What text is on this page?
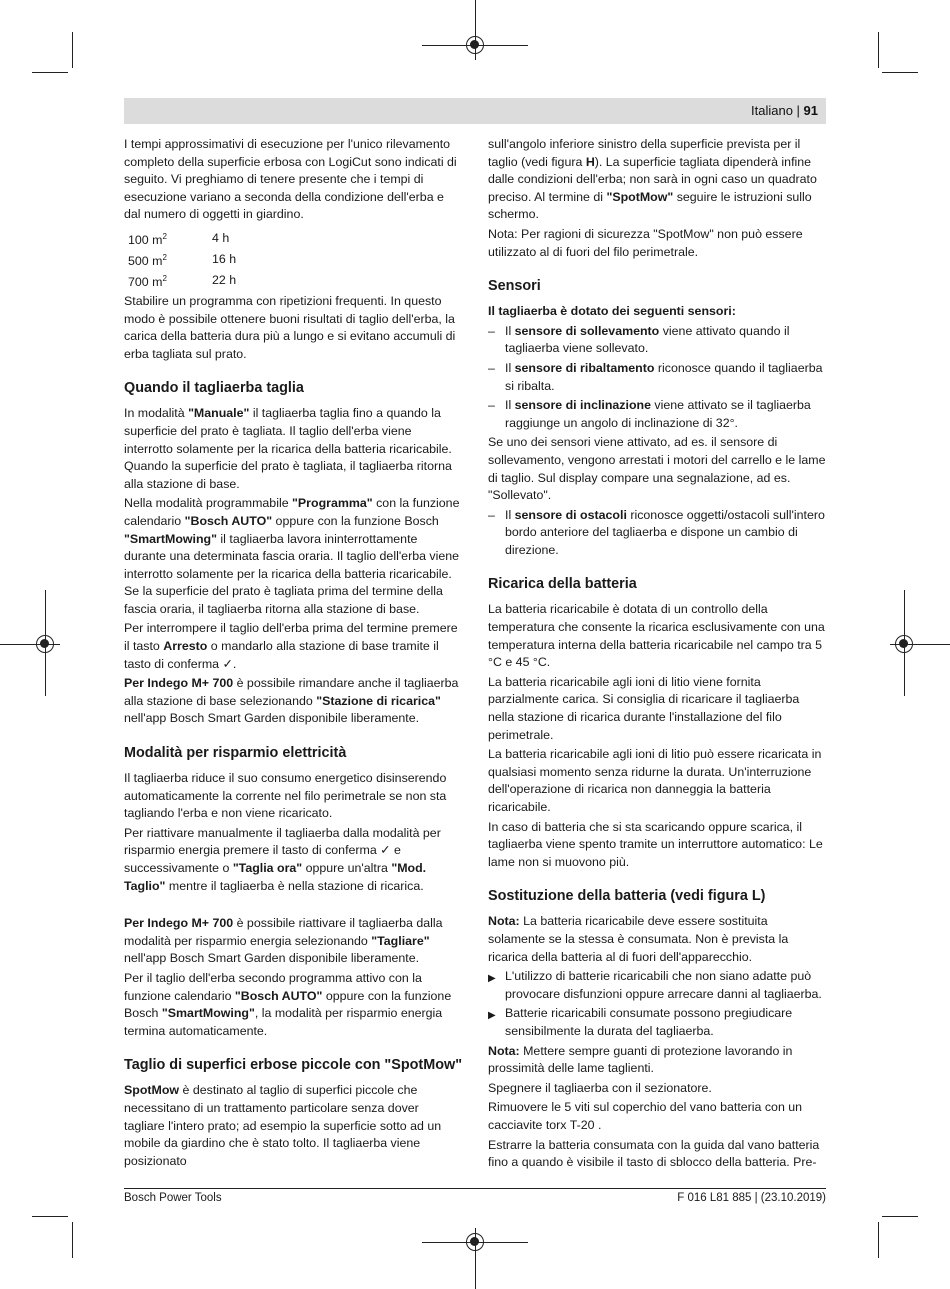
Italiano | 91

I tempi approssimativi di esecuzione per l'unico rilevamento completo della superficie erbosa con LogiCut sono indicati di seguito. Vi preghiamo di tenere presente che i tempi di esecuzione variano a seconda della condizione dell'erba e dal numero di oggetti in giardino.

100 $m^2$	4 h
500 $m^2$	16 h
700 $m^2$	22 h

Stabilire un programma con ripetizioni frequenti. In questo modo è possibile ottenere buoni risultati di taglio dell'erba, la carica della batteria dura più a lungo e si evitano accumuli di erba tagliata sul prato.

Quando il tagliaerba taglia

In modalità "Manuale" il tagliaerba taglia fino a quando la superficie del prato è tagliata. Il taglio dell'erba viene interrotto solamente per la ricarica della batteria ricaricabile. Quando la superficie del prato è tagliata, il tagliaerba ritorna alla stazione di base.

Nella modalità programmabile "Programma" con la funzione calendario "Bosch AUTO" oppure con la funzione Bosch "SmartMowing" il tagliaerba lavora ininterrottamente durante una determinata fascia oraria. Il taglio dell'erba viene interrotto solamente per la ricarica della batteria ricaricabile. Se la superficie del prato è tagliata prima del termine della fascia oraria, il tagliaerba ritorna alla stazione di base.

Per interrompere il taglio dell'erba prima del termine premere il tasto Arresto o mandarlo alla stazione di base tramite il tasto di conferma ✓.

Per Indego M+ 700 è possibile rimandare anche il tagliaerba alla stazione di base selezionando "Stazione di ricarica" nell'app Bosch Smart Garden disponibile liberamente.

Modalità per risparmio elettricità

Il tagliaerba riduce il suo consumo energetico disinserendo automaticamente la corrente nel filo perimetrale se non sta tagliando l'erba e non viene ricaricato.

Per riattivare manualmente il tagliaerba dalla modalità per risparmio energia premere il tasto di conferma ✓ e successivamente o "Taglia ora" oppure un'altra "Mod. Taglio" mentre il tagliaerba è nella stazione di ricarica.

Per Indego M+ 700 è possibile riattivare il tagliaerba dalla modalità per risparmio energia selezionando "Tagliare" nell'app Bosch Smart Garden disponibile liberamente.

Per il taglio dell'erba secondo programma attivo con la funzione calendario "Bosch AUTO" oppure con la funzione Bosch "SmartMowing", la modalità per risparmio energia termina automaticamente.

Taglio di superfici erbose piccole con "SpotMow"

SpotMow è destinato al taglio di superfici piccole che necessitano di un trattamento particolare senza dover tagliare l'intero prato; ad esempio la superficie sotto ad un mobile da giardino che è stato tolto. Il tagliaerba viene posizionato

sull'angolo inferiore sinistro della superficie prevista per il taglio (vedi figura H). La superficie tagliata dipenderà infine dalle condizioni dell'erba; non sarà in ogni caso un quadrato preciso. Al termine di "SpotMow" seguire le istruzioni sullo schermo.

Nota: Per ragioni di sicurezza "SpotMow" non può essere utilizzato al di fuori del filo perimetrale.

Sensori
Il tagliaerba è dotato dei seguenti sensori:
– Il sensore di sollevamento viene attivato quando il tagliaerba viene sollevato.
– Il sensore di ribaltamento riconosce quando il tagliaerba si ribalta.
– Il sensore di inclinazione viene attivato se il tagliaerba raggiunge un angolo di inclinazione di 32°.

Se uno dei sensori viene attivato, ad es. il sensore di sollevamento, vengono arrestati i motori del carrello e le lame di taglio. Sul display compare una segnalazione, ad es. "Sollevato".

– Il sensore di ostacoli riconosce oggetti/ostacoli sull'intero bordo anteriore del tagliaerba e dispone un cambio di direzione.
Ricarica della batteria

La batteria ricaricabile è dotata di un controllo della temperatura che consente la ricarica esclusivamente con una temperatura interna della batteria ricaricabile nel campo tra 5 °C e 45 °C.

La batteria ricaricabile agli ioni di litio viene fornita parzialmente carica. Si consiglia di ricaricare il tagliaerba nella stazione di ricarica durante l'installazione del filo perimetrale.

La batteria ricaricabile agli ioni di litio può essere ricaricata in qualsiasi momento senza ridurne la durata. Un'interruzione dell'operazione di ricarica non danneggia la batteria ricaricabile.

In caso di batteria che si sta scaricando oppure scarica, il tagliaerba viene spento tramite un interruttore automatico: Le lame non si muovono più.

Sostituzione della batteria (vedi figura L)

Nota: La batteria ricaricabile deve essere sostituita solamente se la stessa è consumata. Non è prevista la ricarica della batteria al di fuori dell'apparecchio.

▶ L'utilizzo di batterie ricaricabili che non siano adatte può provocare disfunzioni oppure arrecare danni al tagliaerba.
▶ Batterie ricaricabili consumate possono pregiudicare sensibilmente la durata del tagliaerba.

Nota: Mettere sempre guanti di protezione lavorando in prossimità delle lame taglienti.

Spegnere il tagliaerba con il sezionatore.

Rimuovere le 5 viti sul coperchio del vano batteria con un cacciavite torx T-20 .

Estrarre la batteria consumata con la guida dal vano batteria fino a quando è visibile il tasto di sblocco della batteria. Pre-

Bosch Power Tools	F 016 L81 885 | (23.10.2019)
